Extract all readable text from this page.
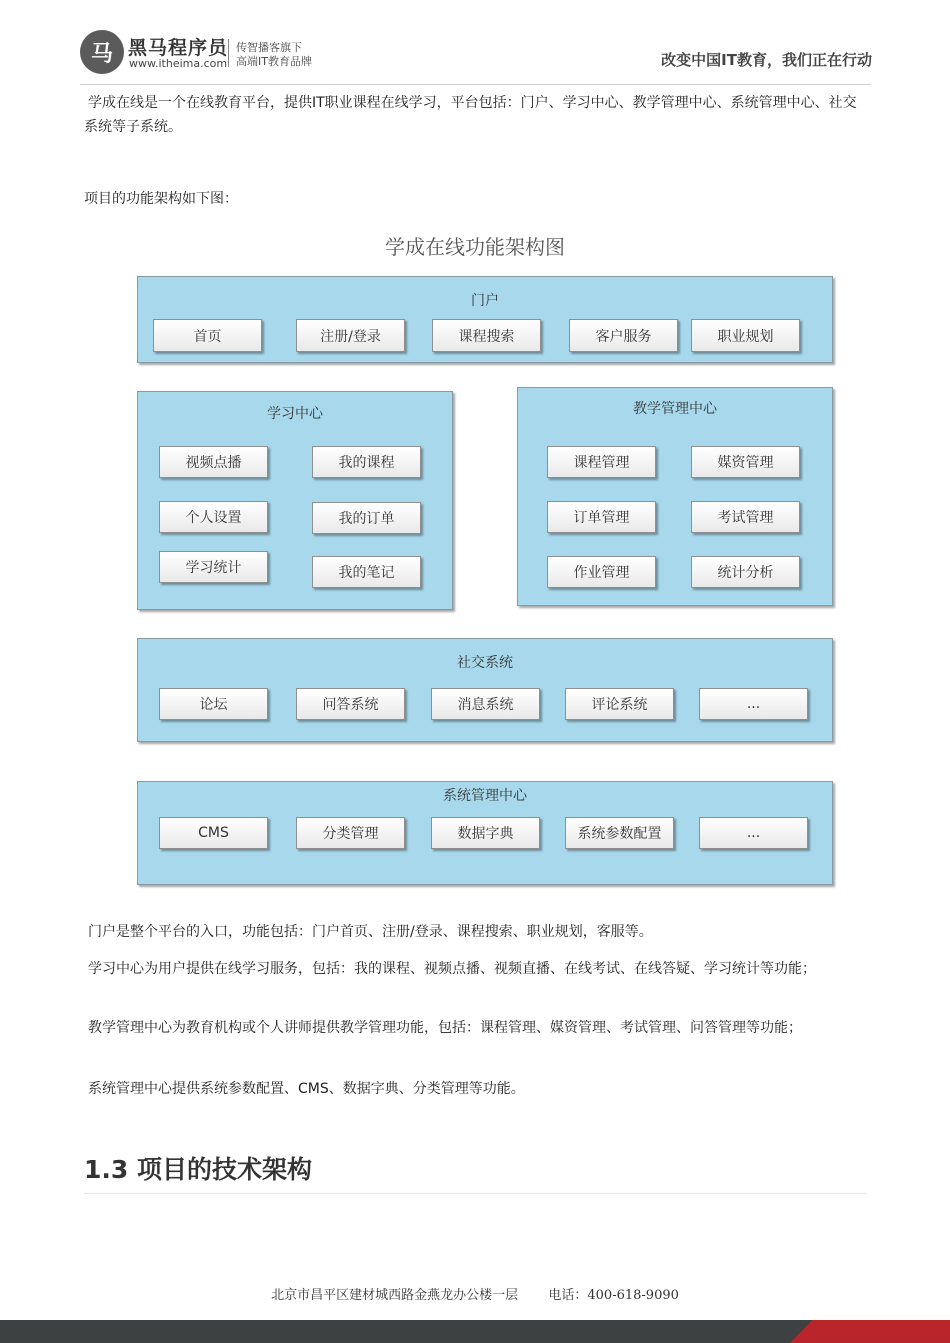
马 黑马程序员
www.itheima.com
传智播客旗下
高端IT教育品牌	改变中国IT教育，我们正在行动
学成在线是一个在线教育平台，提供IT职业课程在线学习，平台包括：门户、学习中心、教学管理中心、系统管理中心、社交系统等子系统。
项目的功能架构如下图：
学成在线功能架构图
门户
首页	注册/登录	课程搜索	客户服务	职业规划
学习中心
视频点播	我的课程
个人设置	我的订单
学习统计	我的笔记
教学管理中心
课程管理	媒资管理
订单管理	考试管理
作业管理	统计分析
社交系统
论坛	问答系统	消息系统	评论系统	...
系统管理中心
CMS	分类管理	数据字典	系统参数配置	...
门户是整个平台的入口，功能包括：门户首页、注册/登录、课程搜索、职业规划，客服等。
学习中心为用户提供在线学习服务，包括：我的课程、视频点播、视频直播、在线考试、在线答疑、学习统计等功能；
教学管理中心为教育机构或个人讲师提供教学管理功能，包括：课程管理、媒资管理、考试管理、问答管理等功能；
系统管理中心提供系统参数配置、CMS、数据字典、分类管理等功能。
1.3 项目的技术架构
北京市昌平区建材城西路金燕龙办公楼一层 电话：400-618-9090
